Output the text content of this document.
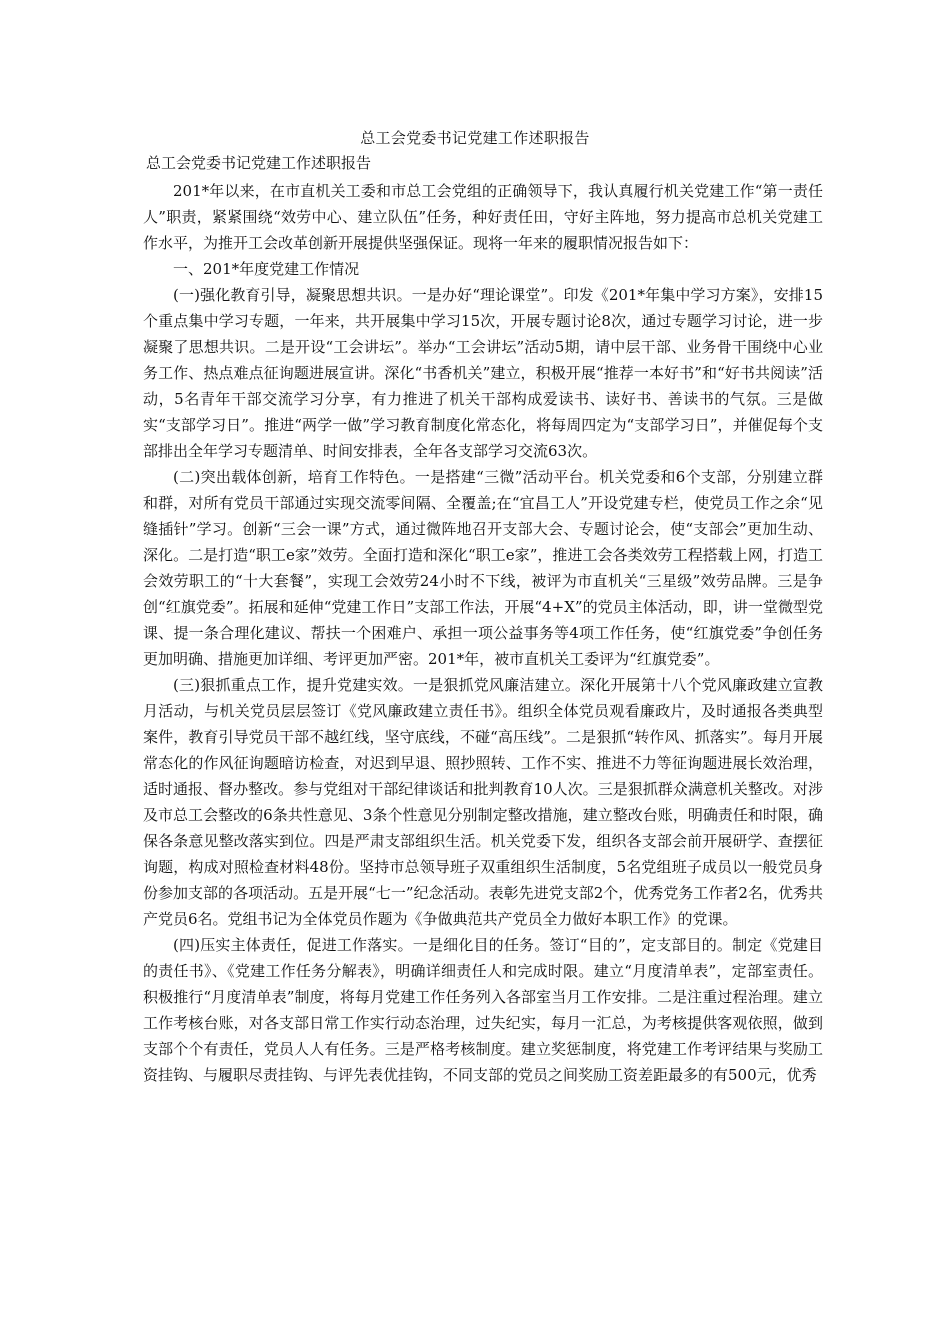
总工会党委书记党建工作述职报告
总工会党委书记党建工作述职报告

201*年以来，在市直机关工委和市总工会党组的正确领导下，我认真履行机关党建工作“第一责任人”职责，紧紧围绕“效劳中心、建立队伍”任务，种好责任田，守好主阵地，努力提高市总机关党建工作水平，为推开工会改革创新开展提供坚强保证。现将一年来的履职情况报告如下：

一、201*年度党建工作情况

(一)强化教育引导，凝聚思想共识。一是办好“理论课堂”。印发《201*年集中学习方案》，安排15个重点集中学习专题，一年来，共开展集中学习15次，开展专题讨论8次，通过专题学习讨论，进一步凝聚了思想共识。二是开设“工会讲坛”。举办“工会讲坛”活动5期，请中层干部、业务骨干围绕中心业务工作、热点难点征询题进展宣讲。深化“书香机关”建立，积极开展“推荐一本好书”和“好书共阅读”活动，5名青年干部交流学习分享，有力推进了机关干部构成爱读书、读好书、善读书的气氛。三是做实“支部学习日”。推进“两学一做”学习教育制度化常态化，将每周四定为“支部学习日”，并催促每个支部排出全年学习专题清单、时间安排表，全年各支部学习交流63次。

(二)突出载体创新，培育工作特色。一是搭建“三微”活动平台。机关党委和6个支部，分别建立群和群，对所有党员干部通过实现交流零间隔、全覆盖;在“宜昌工人”开设党建专栏，使党员工作之余“见缝插针”学习。创新“三会一课”方式，通过微阵地召开支部大会、专题讨论会，使“支部会”更加生动、深化。二是打造“职工e家”效劳。全面打造和深化“职工e家”，推进工会各类效劳工程搭载上网，打造工会效劳职工的“十大套餐”，实现工会效劳24小时不下线，被评为市直机关“三星级”效劳品牌。三是争创“红旗党委”。拓展和延伸“党建工作日”支部工作法，开展“4+X”的党员主体活动，即，讲一堂微型党课、提一条合理化建议、帮扶一个困难户、承担一项公益事务等4项工作任务，使“红旗党委”争创任务更加明确、措施更加详细、考评更加严密。201*年，被市直机关工委评为“红旗党委”。

(三)狠抓重点工作，提升党建实效。一是狠抓党风廉洁建立。深化开展第十八个党风廉政建立宣教月活动，与机关党员层层签订《党风廉政建立责任书》。组织全体党员观看廉政片，及时通报各类典型案件，教育引导党员干部不越红线，坚守底线，不碰“高压线”。二是狠抓“转作风、抓落实”。每月开展常态化的作风征询题暗访检查，对迟到早退、照抄照转、工作不实、推进不力等征询题进展长效治理，适时通报、督办整改。参与党组对干部纪律谈话和批判教育10人次。三是狠抓群众满意机关整改。对涉及市总工会整改的6条共性意见、3条个性意见分别制定整改措施，建立整改台账，明确责任和时限，确保各条意见整改落实到位。四是严肃支部组织生活。机关党委下发，组织各支部会前开展研学、查摆征询题，构成对照检查材料48份。坚持市总领导班子双重组织生活制度，5名党组班子成员以一般党员身份参加支部的各项活动。五是开展“七一”纪念活动。表彰先进党支部2个，优秀党务工作者2名，优秀共产党员6名。党组书记为全体党员作题为《争做典范共产党员全力做好本职工作》的党课。

(四)压实主体责任，促进工作落实。一是细化目的任务。签订“目的”，定支部目的。制定《党建目的责任书》、《党建工作任务分解表》，明确详细责任人和完成时限。建立“月度清单表”，定部室责任。积极推行“月度清单表”制度，将每月党建工作任务列入各部室当月工作安排。二是注重过程治理。建立工作考核台账，对各支部日常工作实行动态治理，过失纪实，每月一汇总，为考核提供客观依照，做到支部个个有责任，党员人人有任务。三是严格考核制度。建立奖惩制度，将党建工作考评结果与奖励工资挂钩、与履职尽责挂钩、与评先表优挂钩，不同支部的党员之间奖励工资差距最多的有500元，优秀
